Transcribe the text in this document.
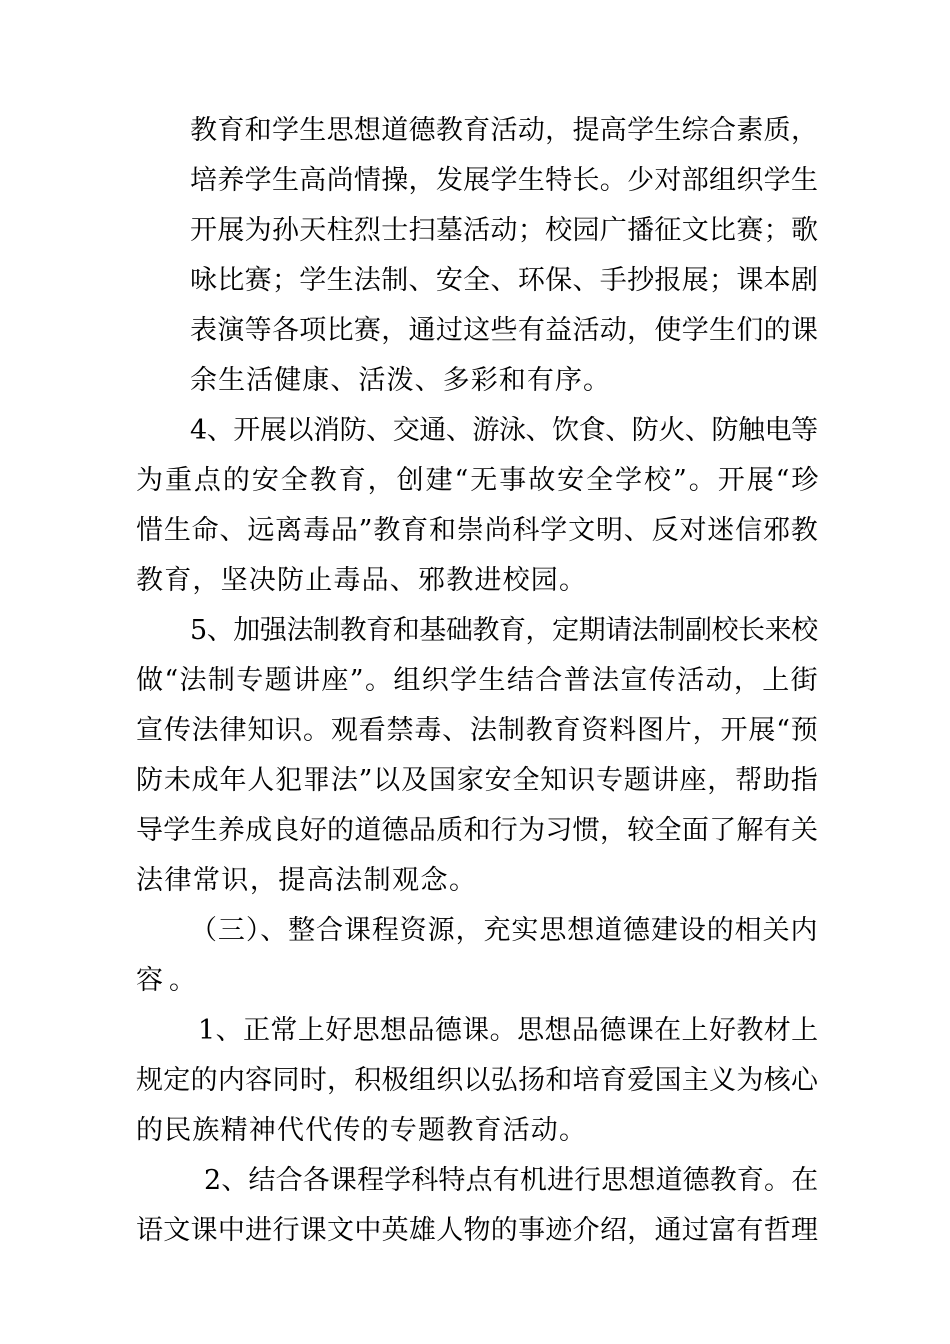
教育和学生思想道德教育活动，提高学生综合素质，
培养学生高尚情操，发展学生特长。少对部组织学生
开展为孙天柱烈士扫墓活动；校园广播征文比赛；歌
咏比赛；学生法制、安全、环保、手抄报展；课本剧
表演等各项比赛，通过这些有益活动，使学生们的课
余生活健康、活泼、多彩和有序。
4、开展以消防、交通、游泳、饮食、防火、防触电等
为重点的安全教育，创建“无事故安全学校”。开展“珍
惜生命、远离毒品”教育和崇尚科学文明、反对迷信邪教
教育，坚决防止毒品、邪教进校园。
5、加强法制教育和基础教育，定期请法制副校长来校
做“法制专题讲座”。组织学生结合普法宣传活动，上街
宣传法律知识。观看禁毒、法制教育资料图片，开展“预
防未成年人犯罪法”以及国家安全知识专题讲座，帮助指
导学生养成良好的道德品质和行为习惯，较全面了解有关
法律常识，提高法制观念。
（三）、整合课程资源，充实思想道德建设的相关内
容。
1、正常上好思想品德课。思想品德课在上好教材上
规定的内容同时，积极组织以弘扬和培育爱国主义为核心
的民族精神代代传的专题教育活动。
2、结合各课程学科特点有机进行思想道德教育。在
语文课中进行课文中英雄人物的事迹介绍，通过富有哲理
